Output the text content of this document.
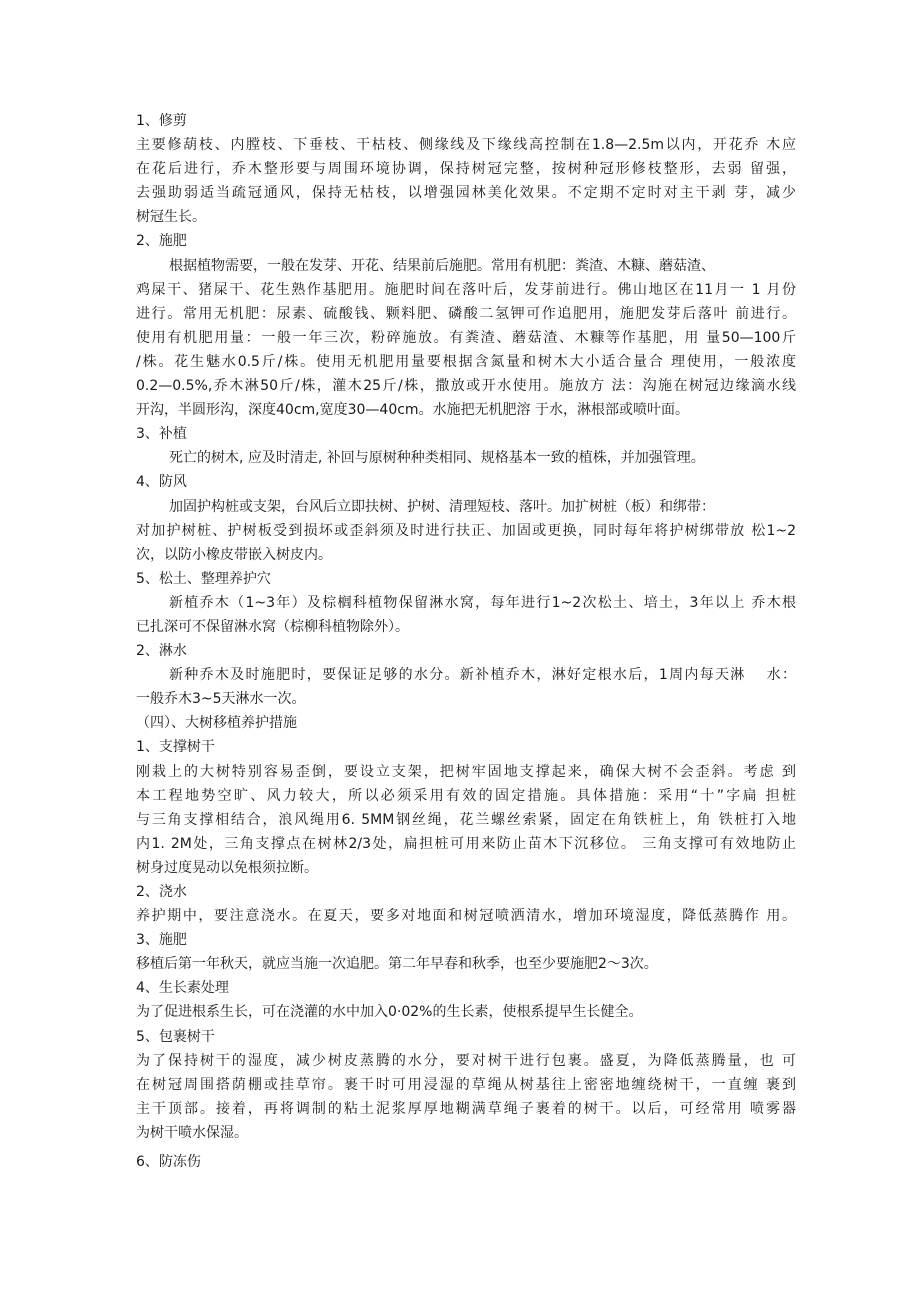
1、修剪
主要修葫枝、内膛枝、下垂枝、干枯枝、侧缘线及下缘线高控制在1.8—2.5m以内，开花乔 木应
在花后进行，乔木整形要与周围环境协调，保持树冠完整，按树种冠形修枝整形，去弱 留强，
去强助弱适当疏冠通风，保持无枯枝，以增强园林美化效果。不定期不定时对主干剥 芽，减少
树冠生长。
2、施肥
根据植物需要，一般在发芽、开花、结果前后施肥。常用有机肥：粪渣、木糠、蘑菇渣、
鸡屎干、猪屎干、花生熟作基肥用。施肥时间在落叶后，发芽前进行。佛山地区在11月一 1 月份
进行。常用无机肥：尿素、硫酸钱、颗料肥、磷酸二氢钾可作追肥用，施肥发芽后落叶 前进行。
使用有机肥用量：一般一年三次，粉碎施放。有粪渣、蘑菇渣、木糠等作基肥，用 量50—100斤
/株。花生魅水0.5斤/株。使用无机肥用量要根据含氮量和树木大小适合量合 理使用，一般浓度
0.2—0.5%,乔木淋50斤/株，灌木25斤/株，撒放或开水使用。施放方 法：沟施在树冠边缘滴水线
开沟，半圆形沟，深度40cm,宽度30—40cm。水施把无机肥溶 于水，淋根部或喷叶面。
3、补植
死亡的树木, 应及时清走, 补回与原树种种类相同、规格基本一致的植株，并加强管理。
4、防风
加固护构桩或支架，台风后立即扶树、护树、清理短枝、落叶。加扩树桩（板）和绑带：
对加护树桩、护树板受到损坏或歪斜须及时进行扶正、加固或更换，同时每年将护树绑带放 松1~2
次，以防小橡皮带嵌入树皮内。
5、松土、整理养护穴
新植乔木（1~3年）及棕榈科植物保留淋水窝，每年进行1~2次松土、培土，3年以上 乔木根
已扎深可不保留淋水窝（棕柳科植物除外）。
2、淋水
新种乔木及时施肥时，要保证足够的水分。新补植乔木，淋好定根水后，1周内每天淋　 水：
一般乔木3~5天淋水一次。
（四）、大树移植养护措施
1、支撑树干
刚栽上的大树特别容易歪倒，要设立支架，把树牢固地支撑起来，确保大树不会歪斜。考虑 到
本工程地势空旷、风力较大，所以必须采用有效的固定措施。具体措施：采用“十”字扁 担桩
与三角支撑相结合，浪风绳用6. 5MM钢丝绳，花兰螺丝索紧，固定在角铁桩上，角 铁桩打入地
内1. 2M处，三角支撑点在树林2/3处，扁担桩可用来防止苗木下沉移位。 三角支撑可有效地防止
树身过度晃动以免根须拉断。
2、浇水
养护期中，要注意浇水。在夏天，要多对地面和树冠喷洒清水，增加环境湿度，降低蒸腾作 用。
3、施肥
移植后第一年秋天，就应当施一次追肥。第二年早春和秋季，也至少要施肥2～3次。
4、生长素处理
为了促进根系生长，可在浇灌的水中加入0·02%的生长素，使根系提早生长健全。
5、包裹树干
为了保持树干的湿度，减少树皮蒸腾的水分，要对树干进行包裹。盛夏，为降低蒸腾量，也 可
在树冠周围搭荫棚或挂草帘。裹干时可用浸湿的草绳从树基往上密密地缠绕树干，一直缠 裹到
主干顶部。接着，再将调制的粘土泥浆厚厚地糊满草绳子裹着的树干。以后，可经常用 喷雾器
为树干喷水保湿。
6、防冻伤
